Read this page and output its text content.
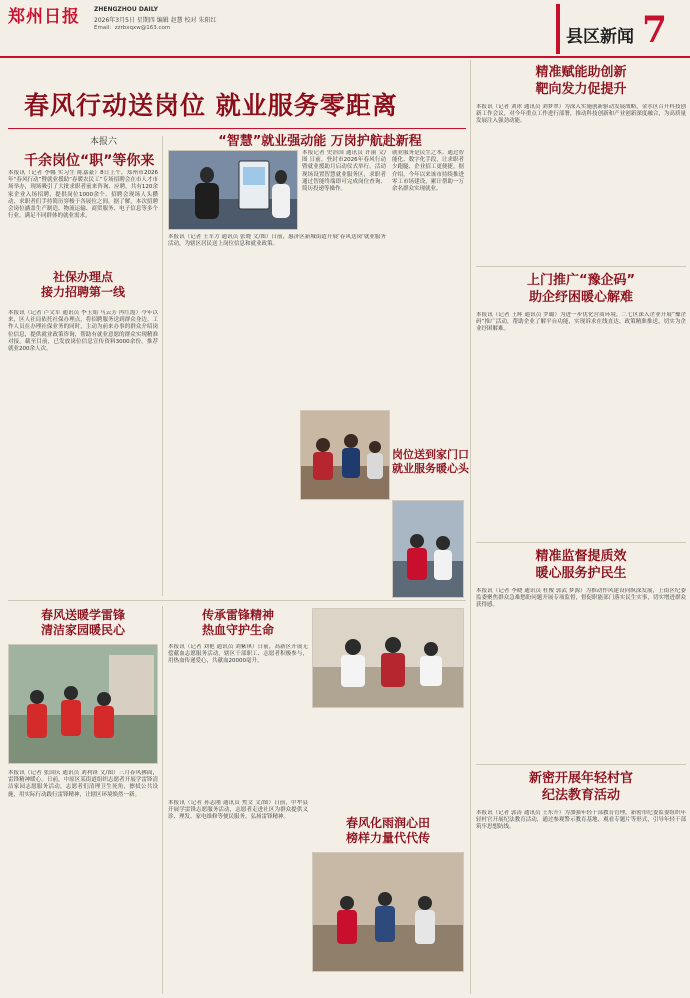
郑州日报	ZHENGZHOU DAILY
2026年3月5日 星期四 编辑 赵慧 校对 朱阳红
Email：zzrbxqxw@163.com	县区新闻 7
春风行动送岗位 就业服务零距离
本报六
千余岗位“职”等你来
本报讯（记者 李娜 实习生 陈嘉豪）8日上午，郑州市2026年“春风行动”暨就业援助“春暖农民工”专场招聘会在市人才市场举办，现场吸引了大批求职者前来咨询、应聘，共有120余家企业入场招聘，提供岗位1000余个。招聘会现场人头攒动，求职者们手持简历穿梭于各展位之间。据了解，本次招聘会岗位涵盖生产制造、物流运输、商贸服务、电子信息等多个行业，满足不同群体的就业需求。
社保办理点
接力招聘第一线
本报讯（记者 卢文军 通讯员 李玉娟 马云芳 冉红霞）今年以来，区人社局依托社保办理点，将招聘服务送到群众身边。工作人员在办理社保业务的同时，主动为前来办事的群众介绍岗位信息，提供就业政策咨询，帮助有就业意愿的群众实现精准对接。截至目前，已发放岗位信息宣传资料3000余份，推荐就业200余人次。
“智慧”就业强动能 万岗护航赴新程
本报记者 史治国 通讯员 许丽 文/图 日前，登封市2026年春风行动暨就业援助月启动仪式举行。活动现场设置智慧就业服务区，求职者通过智能终端即可完成岗位查询、简历投递等操作。
本报讯（记者 王军方 通讯员 张晓 文/图）日前，惠济区新城街道开展‘春风送岗’就业服务活动，为辖区居民送上岗位信息和就业政策。
就业服务是民生之本。通过智能化、数字化手段，让求职者少跑腿、企业招工更便捷。据介绍，今年以来该市持续推进零工市场建设，累计帮助一万余名群众实现就业。
岗位送到家门口
就业服务暖心头
春风送暖学雷锋
清洁家园暖民心
本报讯（记者 张国庆 通讯员 刘利锋 文/图）三月春风拂面，雷锋精神暖心。日前，中原区某街道组织志愿者开展学雷锋清洁家园志愿服务活动，志愿者们清理卫生死角，擦拭公共设施，用实际行动践行雷锋精神，让辖区环境焕然一新。
传承雷锋精神
热血守护生命
本报讯（记者 刘艳 通讯员 刘紫琪）日前，高新区开展无偿献血志愿服务活动，辖区干部职工、志愿者积极参与，用热血传递爱心，共献血20000毫升。
春风化雨润心田
榜样力量代代传
本报讯（记者 孙志刚 通讯员 焦文 文/图）日前，中牟县开展学雷锋志愿服务活动，志愿者走进社区为群众提供义诊、理发、家电维修等便民服务，弘扬雷锋精神。
精准赋能助创新
靶向发力促提升
本报讯（记者 刘冰 通讯员 刘梦翠）为深入实施创新驱动发展战略，金水区召开科技创新工作会议，对今年重点工作进行部署，推动科技创新和产业创新深度融合，为高质量发展注入强劲动能。
上门推广“豫企码”
助企纾困暖心解难
本报讯（记者 王辉 通讯员 罗璐）为进一步优化营商环境，二七区深入企业开展“豫企码”推广活动，帮助企业了解平台功能，实现诉求在线直达、政策精准推送，切实为企业纾困解难。
精准监督提质效
暖心服务护民生
本报讯（记者 李晓 通讯员 杜俊 郭武 梦源）为推动作风建设向纵深发展，上街区纪委监委聚焦群众急难愁盼问题开展专项监督，督促职能部门落实民生实事，切实增进群众获得感。
新密开展年轻村官
纪法教育活动
本报讯（记者 郭涛 通讯员 王东升）为加强年轻干部教育管理，新密市纪委监委组织年轻村官开展纪法教育活动，通过参观警示教育基地、观看专题片等形式，引导年轻干部筑牢思想防线。
